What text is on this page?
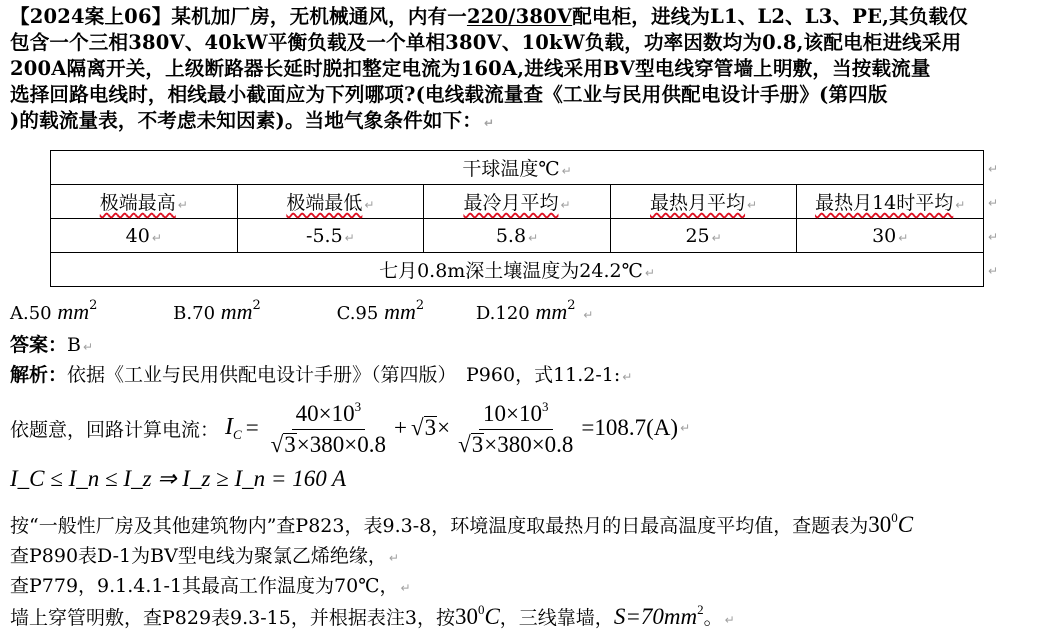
【2024案上06】某机加厂房，无机械通风，内有一220/380V配电柜，进线为L1、L2、L3、PE,其负载仅
包含一个三相380V、40kW平衡负载及一个单相380V、10kW负载，功率因数均为0.8,该配电柜进线采用
200A隔离开关，上级断路器长延时脱扣整定电流为160A,进线采用BV型电线穿管墙上明敷，当按载流量
选择回路电线时，相线最小截面应为下列哪项?(电线载流量查《工业与民用供配电设计手册》(第四版
)的载流量表，不考虑未知因素)。当地气象条件如下： ↵
干球温度℃ ↵				
极端最高 ↵	极端最低 ↵	最冷月平均 ↵	最热月平均 ↵	最热月14时平均 ↵
40 ↵	-5.5 ↵	5.8 ↵	25 ↵	30 ↵
七月0.8m深土壤温度为24.2℃ ↵				
↵
↵
↵
↵
A.50 $mm^2$	B.70 $mm^2$	C.95 $mm^2$	D.120 $mm^2$ ↵
答案：B ↵
解析：依据《工业与民用供配电设计手册》（第四版）　P960，式11.2-1: ↵
依题意，回路计算电流： $I_C = \frac{40\times 10^3}{√3\times 380\times 0.8} + √3\times \frac{10\times 10^3}{√3\times 380\times 0.8} =108.7(A)$ ↵
I_C ≤ I_n ≤ I_z ⇒ I_z ≥ I_n = 160 A
按“一般性厂房及其他建筑物内”查P823，表9.3-8，环境温度取最热月的日最高温度平均值，查题表为$30^0C$
查P890表D-1为BV型电线为聚氯乙烯绝缘， ↵
查P779，9.1.4.1-1其最高工作温度为70℃， ↵
墙上穿管明敷，查P829表9.3-15，并根据表注3，按$30^0C$，三线靠墙，$S=70mm^2$。 ↵
